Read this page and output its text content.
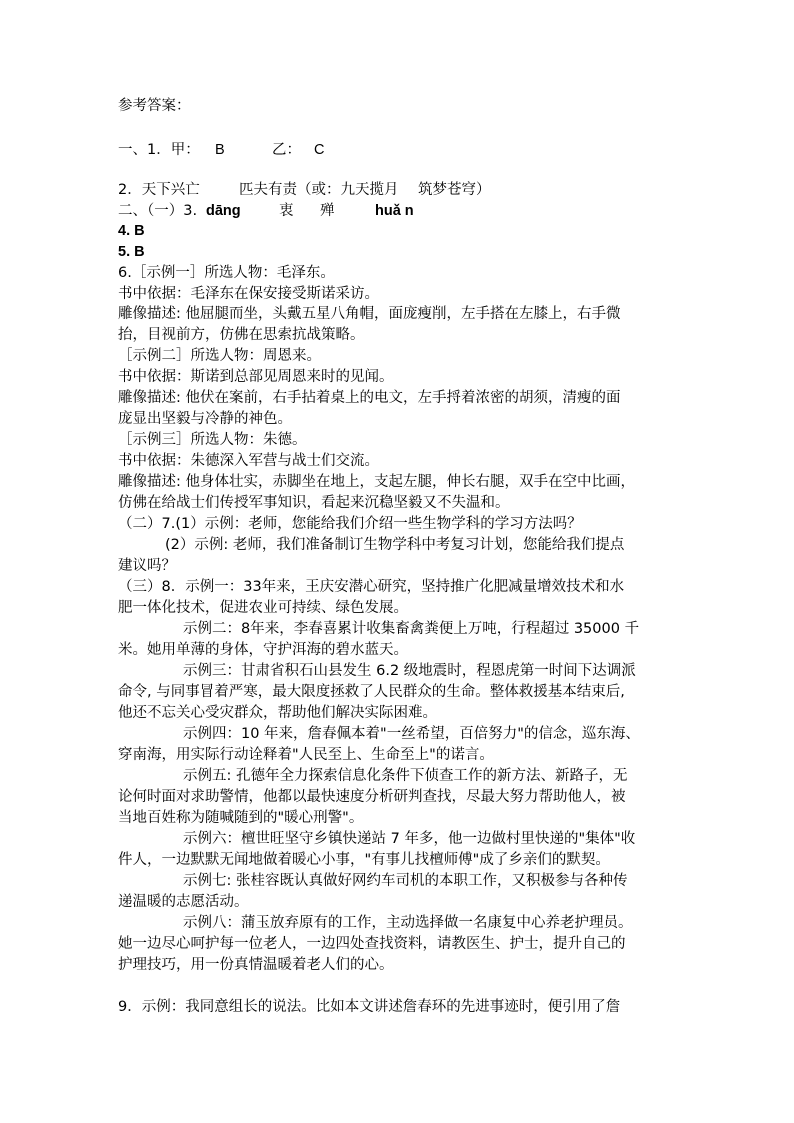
参考答案：
一、1．甲： B	乙： C
2．天下兴亡	匹夫有责（或：九天揽月 筑梦苍穹）
二、（一）3. dāng	衷 殚	huǎ n
4. B
5. B
6.［示例一］所选人物：毛泽东。
书中依据：毛泽东在保安接受斯诺采访。
雕像描述: 他屈腿而坐，头戴五星八角帽，面庞瘦削，左手搭在左膝上，右手微
抬，目视前方，仿佛在思索抗战策略。
［示例二］所选人物：周恩来。
书中依据：斯诺到总部见周恩来时的见闻。
雕像描述: 他伏在案前，右手拈着桌上的电文，左手捋着浓密的胡须，清瘦的面
庞显出坚毅与冷静的神色。
［示例三］所选人物：朱德。
书中依据：朱德深入军营与战士们交流。
雕像描述: 他身体壮实，赤脚坐在地上，支起左腿，伸长右腿，双手在空中比画，
仿佛在给战士们传授军事知识，看起来沉稳坚毅又不失温和。
（二）7.(1）示例：老师，您能给我们介绍一些生物学科的学习方法吗？
(2）示例: 老师，我们准备制订生物学科中考复习计划，您能给我们提点
建议吗？
（三）8．示例一：33年来，王庆安潜心研究，坚持推广化肥减量增效技术和水
肥一体化技术，促进农业可持续、绿色发展。
示例二：8年来，李春喜累计收集畜禽粪便上万吨，行程超过 35000 千
米。她用单薄的身体，守护洱海的碧水蓝天。
示例三：甘肃省积石山县发生 6.2 级地震时，程恩虎第一时间下达调派
命令, 与同事冒着严寒，最大限度拯救了人民群众的生命。整体救援基本结束后,
他还不忘关心受灾群众，帮助他们解决实际困难。
示例四：10 年来，詹春佩本着"一丝希望，百倍努力"的信念，巡东海、
穿南海，用实际行动诠释着"人民至上、生命至上"的诺言。
示例五: 孔德年全力探索信息化条件下侦查工作的新方法、新路子，无
论何时面对求助警情，他都以最快速度分析研判查找，尽最大努力帮助他人，被
当地百姓称为随喊随到的"暖心刑警"。
示例六：檀世旺坚守乡镇快递站 7 年多，他一边做村里快递的"集体"收
件人，一边默默无闻地做着暖心小事，"有事儿找檀师傅"成了乡亲们的默契。
示例七: 张桂容既认真做好网约车司机的本职工作，又积极参与各种传
递温暖的志愿活动。
示例八：蒲玉放弃原有的工作，主动选择做一名康复中心养老护理员。
她一边尽心呵护每一位老人，一边四处查找资料，请教医生、护士，提升自己的
护理技巧，用一份真情温暖着老人们的心。
9．示例：我同意组长的说法。比如本文讲述詹春环的先进事迹时，便引用了詹
